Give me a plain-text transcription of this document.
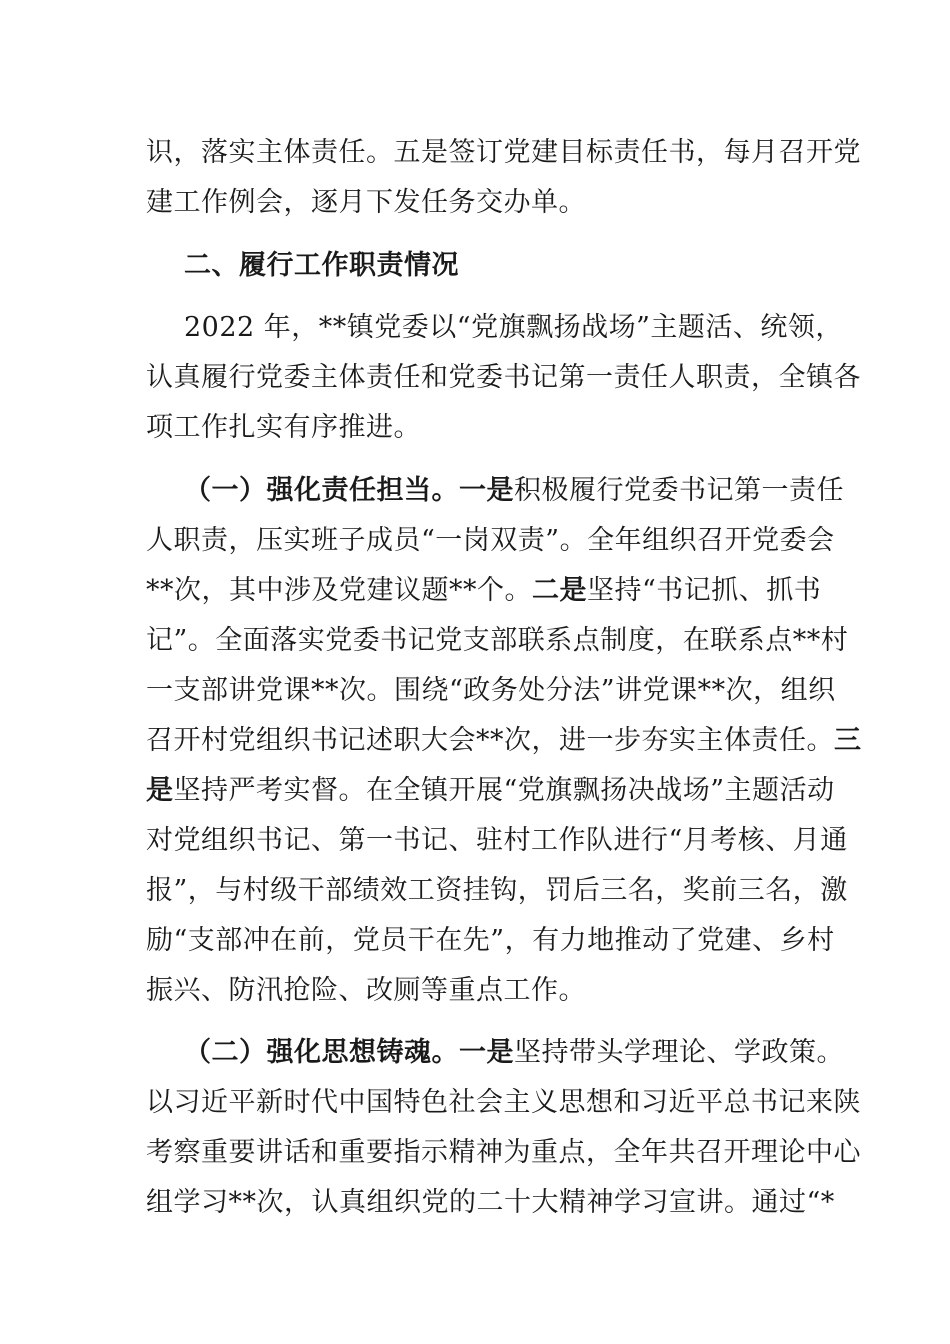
识，落实主体责任。五是签订党建目标责任书，每月召开党
建工作例会，逐月下发任务交办单。
二、履行工作职责情况
2022 年，**镇党委以“党旗飘扬战场”主题活、统领，
认真履行党委主体责任和党委书记第一责任人职责，全镇各
项工作扎实有序推进。
（一）强化责任担当。一是积极履行党委书记第一责任
人职责，压实班子成员“一岗双责”。全年组织召开党委会
**次，其中涉及党建议题**个。二是坚持“书记抓、抓书
记”。全面落实党委书记党支部联系点制度，在联系点**村
一支部讲党课**次。围绕“政务处分法”讲党课**次，组织
召开村党组织书记述职大会**次，进一步夯实主体责任。三
是坚持严考实督。在全镇开展“党旗飘扬决战场”主题活动
对党组织书记、第一书记、驻村工作队进行“月考核、月通
报”，与村级干部绩效工资挂钩，罚后三名，奖前三名，激
励“支部冲在前，党员干在先”，有力地推动了党建、乡村
振兴、防汛抢险、改厕等重点工作。
（二）强化思想铸魂。一是坚持带头学理论、学政策。
以习近平新时代中国特色社会主义思想和习近平总书记来陕
考察重要讲话和重要指示精神为重点，全年共召开理论中心
组学习**次，认真组织党的二十大精神学习宣讲。通过“*
